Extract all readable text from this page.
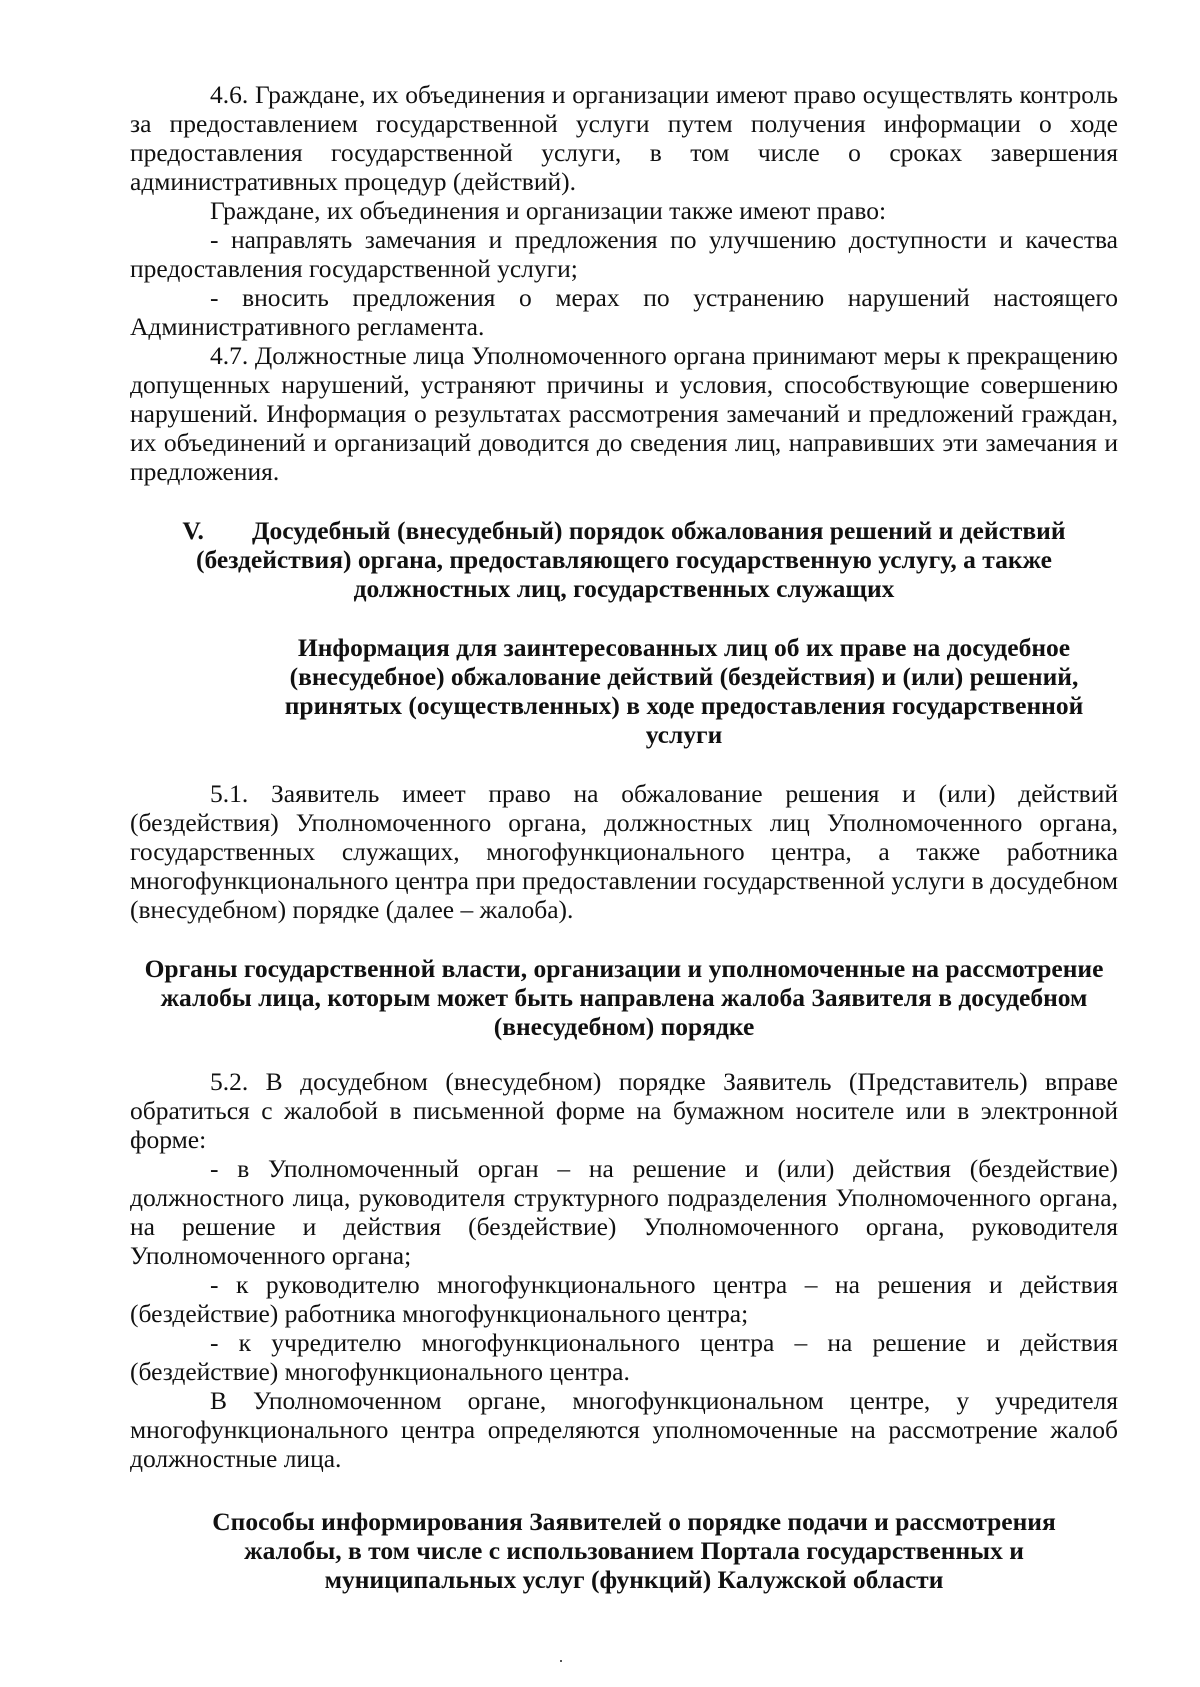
4.6. Граждане, их объединения и организации имеют право осуществлять контроль за предоставлением государственной услуги путем получения информации о ходе предоставления государственной услуги, в том числе о сроках завершения административных процедур (действий).

Граждане, их объединения и организации также имеют право:

- направлять замечания и предложения по улучшению доступности и качества предоставления государственной услуги;

- вносить предложения о мерах по устранению нарушений настоящего Административного регламента.

4.7. Должностные лица Уполномоченного органа принимают меры к прекращению допущенных нарушений, устраняют причины и условия, способствующие совершению нарушений. Информация о результатах рассмотрения замечаний и предложений граждан, их объединений и организаций доводится до сведения лиц, направивших эти замечания и предложения.

V. Досудебный (внесудебный) порядок обжалования решений и действий (бездействия) органа, предоставляющего государственную услугу, а также должностных лиц, государственных служащих

Информация для заинтересованных лиц об их праве на досудебное (внесудебное) обжалование действий (бездействия) и (или) решений, принятых (осуществленных) в ходе предоставления государственной услуги

5.1. Заявитель имеет право на обжалование решения и (или) действий (бездействия) Уполномоченного органа, должностных лиц Уполномоченного органа, государственных служащих, многофункционального центра, а также работника многофункционального центра при предоставлении государственной услуги в досудебном (внесудебном) порядке (далее – жалоба).

Органы государственной власти, организации и уполномоченные на рассмотрение жалобы лица, которым может быть направлена жалоба Заявителя в досудебном (внесудебном) порядке

5.2. В досудебном (внесудебном) порядке Заявитель (Представитель) вправе обратиться с жалобой в письменной форме на бумажном носителе или в электронной форме:

- в Уполномоченный орган – на решение и (или) действия (бездействие) должностного лица, руководителя структурного подразделения Уполномоченного органа, на решение и действия (бездействие) Уполномоченного органа, руководителя Уполномоченного органа;

- к руководителю многофункционального центра – на решения и действия (бездействие) работника многофункционального центра;

- к учредителю многофункционального центра – на решение и действия (бездействие) многофункционального центра.

В Уполномоченном органе, многофункциональном центре, у учредителя многофункционального центра определяются уполномоченные на рассмотрение жалоб должностные лица.

Способы информирования Заявителей о порядке подачи и рассмотрения жалобы, в том числе с использованием Портала государственных и муниципальных услуг (функций) Калужской области
